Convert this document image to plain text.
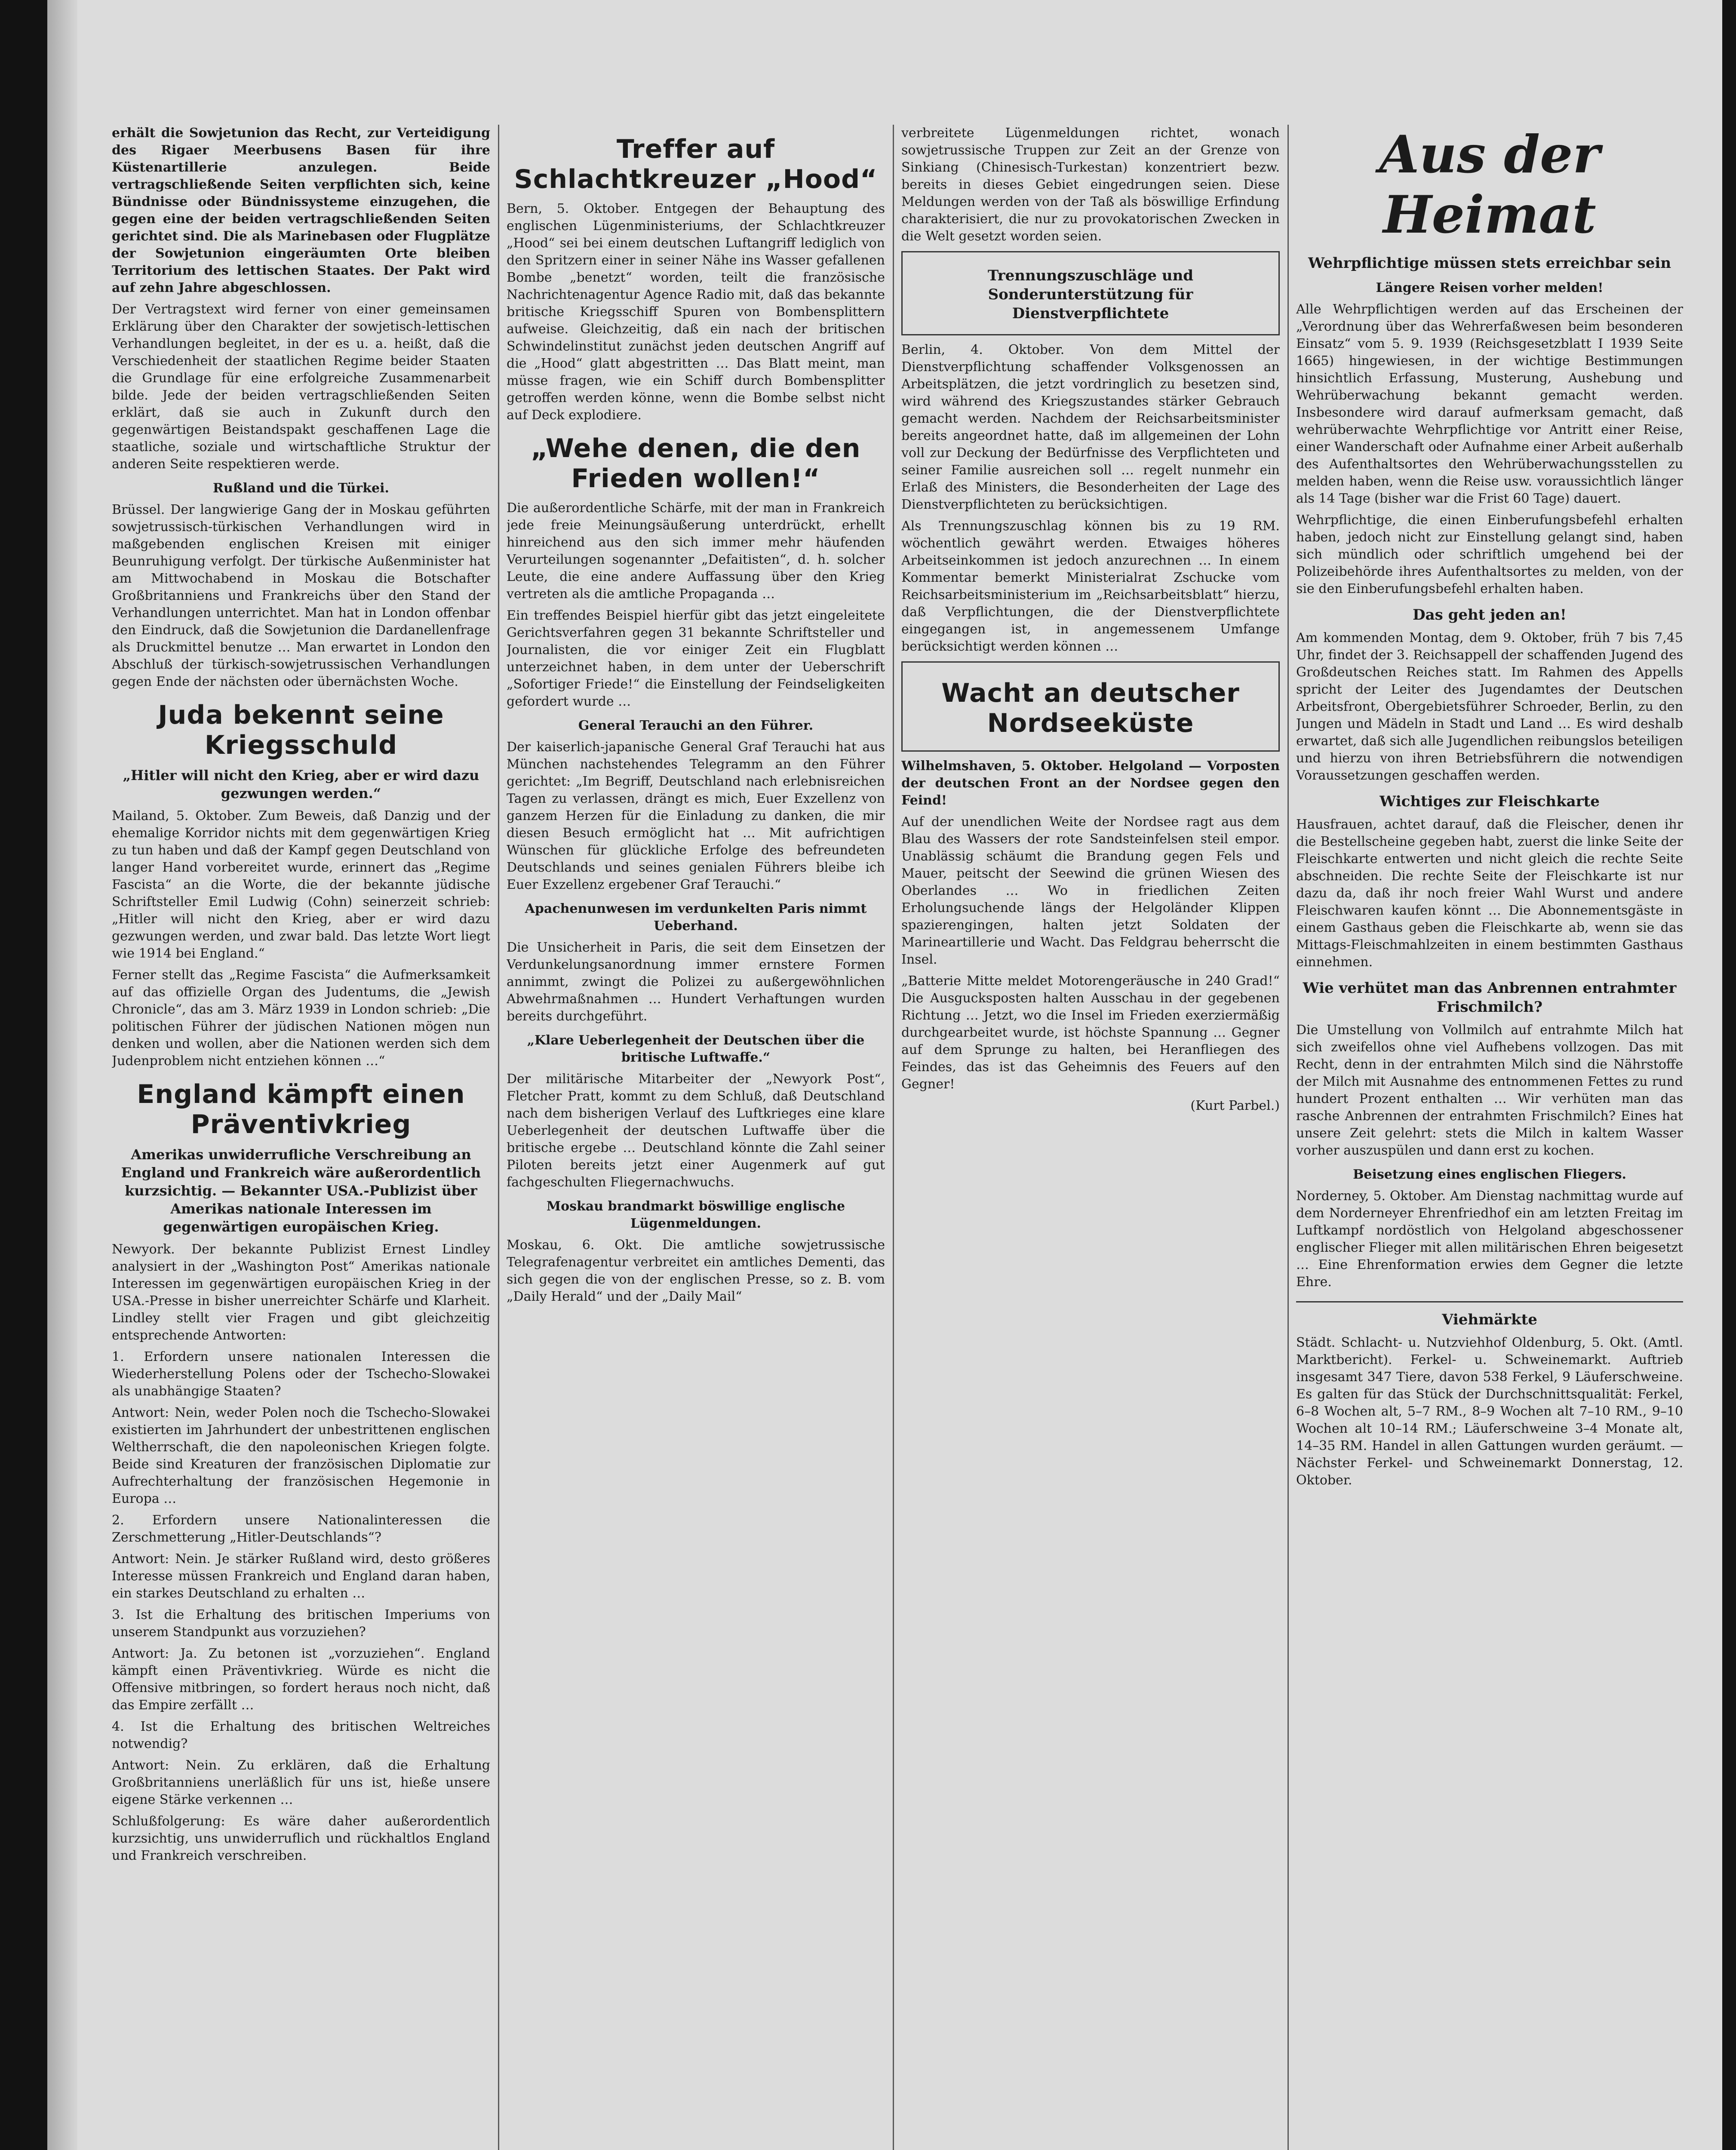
erhält die Sowjetunion das Recht, zur Verteidigung des Rigaer Meerbusens Basen für ihre Küstenartillerie anzulegen. Beide vertragschließende Seiten verpflichten sich, keine Bündnisse oder Bündnissysteme einzugehen, die gegen eine der beiden vertragschließenden Seiten gerichtet sind. Die als Marinebasen oder Flugplätze der Sowjetunion eingeräumten Orte bleiben Territorium des lettischen Staates. Der Pakt wird auf zehn Jahre abgeschlossen.

Der Vertragstext wird ferner von einer gemeinsamen Erklärung über den Charakter der sowjetisch-lettischen Verhandlungen begleitet, in der es u. a. heißt, daß die Verschiedenheit der staatlichen Regime beider Staaten die Grundlage für eine erfolgreiche Zusammenarbeit bilde. Jede der beiden vertragschließenden Seiten erklärt, daß sie auch in Zukunft durch den gegenwärtigen Beistandspakt geschaffenen Lage die staatliche, soziale und wirtschaftliche Struktur der anderen Seite respektieren werde.

Rußland und die Türkei.

Brüssel. Der langwierige Gang der in Moskau geführten sowjetrussisch-türkischen Verhandlungen wird in maßgebenden englischen Kreisen mit einiger Beunruhigung verfolgt. Der türkische Außenminister hat am Mittwochabend in Moskau die Botschafter Großbritanniens und Frankreichs über den Stand der Verhandlungen unterrichtet. Man hat in London offenbar den Eindruck, daß die Sowjetunion die Dardanellenfrage als Druckmittel benutze … Man erwartet in London den Abschluß der türkisch-sowjetrussischen Verhandlungen gegen Ende der nächsten oder übernächsten Woche.

Juda bekennt seine Kriegsschuld

„Hitler will nicht den Krieg, aber er wird dazu gezwungen werden.“

Mailand, 5. Oktober. Zum Beweis, daß Danzig und der ehemalige Korridor nichts mit dem gegenwärtigen Krieg zu tun haben und daß der Kampf gegen Deutschland von langer Hand vorbereitet wurde, erinnert das „Regime Fascista“ an die Worte, die der bekannte jüdische Schriftsteller Emil Ludwig (Cohn) seinerzeit schrieb: „Hitler will nicht den Krieg, aber er wird dazu gezwungen werden, und zwar bald. Das letzte Wort liegt wie 1914 bei England.“

Ferner stellt das „Regime Fascista“ die Aufmerksamkeit auf das offizielle Organ des Judentums, die „Jewish Chronicle“, das am 3. März 1939 in London schrieb: „Die politischen Führer der jüdischen Nationen mögen nun denken und wollen, aber die Nationen werden sich dem Judenproblem nicht entziehen können …“

England kämpft einen Präventivkrieg

Amerikas unwiderrufliche Verschreibung an England und Frankreich wäre außerordentlich kurzsichtig. — Bekannter USA.-Publizist über Amerikas nationale Interessen im gegenwärtigen europäischen Krieg.

Newyork. Der bekannte Publizist Ernest Lindley analysiert in der „Washington Post“ Amerikas nationale Interessen im gegenwärtigen europäischen Krieg in der USA.-Presse in bisher unerreichter Schärfe und Klarheit. Lindley stellt vier Fragen und gibt gleichzeitig entsprechende Antworten:

1. Erfordern unsere nationalen Interessen die Wiederherstellung Polens oder der Tschecho-Slowakei als unabhängige Staaten?

Antwort: Nein, weder Polen noch die Tschecho-Slowakei existierten im Jahrhundert der unbestrittenen englischen Weltherrschaft, die den napoleonischen Kriegen folgte. Beide sind Kreaturen der französischen Diplomatie zur Aufrechterhaltung der französischen Hegemonie in Europa …

2. Erfordern unsere Nationalinteressen die Zerschmetterung „Hitler-Deutschlands“?

Antwort: Nein. Je stärker Rußland wird, desto größeres Interesse müssen Frankreich und England daran haben, ein starkes Deutschland zu erhalten …

3. Ist die Erhaltung des britischen Imperiums von unserem Standpunkt aus vorzuziehen?

Antwort: Ja. Zu betonen ist „vorzuziehen“. England kämpft einen Präventivkrieg. Würde es nicht die Offensive mitbringen, so fordert heraus noch nicht, daß das Empire zerfällt …

4. Ist die Erhaltung des britischen Weltreiches notwendig?

Antwort: Nein. Zu erklären, daß die Erhaltung Großbritanniens unerläßlich für uns ist, hieße unsere eigene Stärke verkennen …

Schlußfolgerung: Es wäre daher außerordentlich kurzsichtig, uns unwiderruflich und rückhaltlos England und Frankreich verschreiben.

Treffer auf Schlachtkreuzer „Hood“

Bern, 5. Oktober. Entgegen der Behauptung des englischen Lügenministeriums, der Schlachtkreuzer „Hood“ sei bei einem deutschen Luftangriff lediglich von den Spritzern einer in seiner Nähe ins Wasser gefallenen Bombe „benetzt“ worden, teilt die französische Nachrichtenagentur Agence Radio mit, daß das bekannte britische Kriegsschiff Spuren von Bombensplittern aufweise. Gleichzeitig, daß ein nach der britischen Schwindelinstitut zunächst jeden deutschen Angriff auf die „Hood“ glatt abgestritten … Das Blatt meint, man müsse fragen, wie ein Schiff durch Bombensplitter getroffen werden könne, wenn die Bombe selbst nicht auf Deck explodiere.

„Wehe denen, die den Frieden wollen!“

Die außerordentliche Schärfe, mit der man in Frankreich jede freie Meinungsäußerung unterdrückt, erhellt hinreichend aus den sich immer mehr häufenden Verurteilungen sogenannter „Defaitisten“, d. h. solcher Leute, die eine andere Auffassung über den Krieg vertreten als die amtliche Propaganda …

Ein treffendes Beispiel hierfür gibt das jetzt eingeleitete Gerichtsverfahren gegen 31 bekannte Schriftsteller und Journalisten, die vor einiger Zeit ein Flugblatt unterzeichnet haben, in dem unter der Ueberschrift „Sofortiger Friede!“ die Einstellung der Feindseligkeiten gefordert wurde …

General Terauchi an den Führer.

Der kaiserlich-japanische General Graf Terauchi hat aus München nachstehendes Telegramm an den Führer gerichtet: „Im Begriff, Deutschland nach erlebnisreichen Tagen zu verlassen, drängt es mich, Euer Exzellenz von ganzem Herzen für die Einladung zu danken, die mir diesen Besuch ermöglicht hat … Mit aufrichtigen Wünschen für glückliche Erfolge des befreundeten Deutschlands und seines genialen Führers bleibe ich Euer Exzellenz ergebener Graf Terauchi.“

Apachenunwesen im verdunkelten Paris nimmt Ueberhand.

Die Unsicherheit in Paris, die seit dem Einsetzen der Verdunkelungsanordnung immer ernstere Formen annimmt, zwingt die Polizei zu außergewöhnlichen Abwehrmaßnahmen … Hundert Verhaftungen wurden bereits durchgeführt.

„Klare Ueberlegenheit der Deutschen über die britische Luftwaffe.“

Der militärische Mitarbeiter der „Newyork Post“, Fletcher Pratt, kommt zu dem Schluß, daß Deutschland nach dem bisherigen Verlauf des Luftkrieges eine klare Ueberlegenheit der deutschen Luftwaffe über die britische ergebe … Deutschland könnte die Zahl seiner Piloten bereits jetzt einer Augenmerk auf gut fachgeschulten Fliegernachwuchs.

Moskau brandmarkt böswillige englische Lügenmeldungen.

Moskau, 6. Okt. Die amtliche sowjetrussische Telegrafenagentur verbreitet ein amtliches Dementi, das sich gegen die von der englischen Presse, so z. B. vom „Daily Herald“ und der „Daily Mail“

verbreitete Lügenmeldungen richtet, wonach sowjetrussische Truppen zur Zeit an der Grenze von Sinkiang (Chinesisch-Turkestan) konzentriert bezw. bereits in dieses Gebiet eingedrungen seien. Diese Meldungen werden von der Taß als böswillige Erfindung charakterisiert, die nur zu provokatorischen Zwecken in die Welt gesetzt worden seien.

Trennungszuschläge und Sonderunterstützung für Dienstverpflichtete

Berlin, 4. Oktober. Von dem Mittel der Dienstverpflichtung schaffender Volksgenossen an Arbeitsplätzen, die jetzt vordringlich zu besetzen sind, wird während des Kriegszustandes stärker Gebrauch gemacht werden. Nachdem der Reichsarbeitsminister bereits angeordnet hatte, daß im allgemeinen der Lohn voll zur Deckung der Bedürfnisse des Verpflichteten und seiner Familie ausreichen soll … regelt nunmehr ein Erlaß des Ministers, die Besonderheiten der Lage des Dienstverpflichteten zu berücksichtigen.

Als Trennungszuschlag können bis zu 19 RM. wöchentlich gewährt werden. Etwaiges höheres Arbeitseinkommen ist jedoch anzurechnen … In einem Kommentar bemerkt Ministerialrat Zschucke vom Reichsarbeitsministerium im „Reichsarbeitsblatt“ hierzu, daß Verpflichtungen, die der Dienstverpflichtete eingegangen ist, in angemessenem Umfange berücksichtigt werden können …

Wacht an deutscher Nordseeküste

Wilhelmshaven, 5. Oktober. Helgoland — Vorposten der deutschen Front an der Nordsee gegen den Feind!

Auf der unendlichen Weite der Nordsee ragt aus dem Blau des Wassers der rote Sandsteinfelsen steil empor. Unablässig schäumt die Brandung gegen Fels und Mauer, peitscht der Seewind die grünen Wiesen des Oberlandes … Wo in friedlichen Zeiten Erholungsuchende längs der Helgoländer Klippen spazierengingen, halten jetzt Soldaten der Marineartillerie und Wacht. Das Feldgrau beherrscht die Insel.

„Batterie Mitte meldet Motorengeräusche in 240 Grad!“ Die Ausgucksposten halten Ausschau in der gegebenen Richtung … Jetzt, wo die Insel im Frieden exerziermäßig durchgearbeitet wurde, ist höchste Spannung … Gegner auf dem Sprunge zu halten, bei Heranfliegen des Feindes, das ist das Geheimnis des Feuers auf den Gegner!

(Kurt Parbel.)
Aus der Heimat
Wehrpflichtige müssen stets erreichbar sein
Längere Reisen vorher melden!

Alle Wehrpflichtigen werden auf das Erscheinen der „Verordnung über das Wehrerfaßwesen beim besonderen Einsatz“ vom 5. 9. 1939 (Reichsgesetzblatt I 1939 Seite 1665) hingewiesen, in der wichtige Bestimmungen hinsichtlich Erfassung, Musterung, Aushebung und Wehrüberwachung bekannt gemacht werden. Insbesondere wird darauf aufmerksam gemacht, daß wehrüberwachte Wehrpflichtige vor Antritt einer Reise, einer Wanderschaft oder Aufnahme einer Arbeit außerhalb des Aufenthaltsortes den Wehrüberwachungsstellen zu melden haben, wenn die Reise usw. voraussichtlich länger als 14 Tage (bisher war die Frist 60 Tage) dauert.

Wehrpflichtige, die einen Einberufungsbefehl erhalten haben, jedoch nicht zur Einstellung gelangt sind, haben sich mündlich oder schriftlich umgehend bei der Polizeibehörde ihres Aufenthaltsortes zu melden, von der sie den Einberufungsbefehl erhalten haben.

Das geht jeden an!

Am kommenden Montag, dem 9. Oktober, früh 7 bis 7,45 Uhr, findet der 3. Reichsappell der schaffenden Jugend des Großdeutschen Reiches statt. Im Rahmen des Appells spricht der Leiter des Jugendamtes der Deutschen Arbeitsfront, Obergebietsführer Schroeder, Berlin, zu den Jungen und Mädeln in Stadt und Land … Es wird deshalb erwartet, daß sich alle Jugendlichen reibungslos beteiligen und hierzu von ihren Betriebsführern die notwendigen Voraussetzungen geschaffen werden.

Wichtiges zur Fleischkarte

Hausfrauen, achtet darauf, daß die Fleischer, denen ihr die Bestellscheine gegeben habt, zuerst die linke Seite der Fleischkarte entwerten und nicht gleich die rechte Seite abschneiden. Die rechte Seite der Fleischkarte ist nur dazu da, daß ihr noch freier Wahl Wurst und andere Fleischwaren kaufen könnt … Die Abonnementsgäste in einem Gasthaus geben die Fleischkarte ab, wenn sie das Mittags-Fleischmahlzeiten in einem bestimmten Gasthaus einnehmen.

Wie verhütet man das Anbrennen entrahmter Frischmilch?

Die Umstellung von Vollmilch auf entrahmte Milch hat sich zweifellos ohne viel Aufhebens vollzogen. Das mit Recht, denn in der entrahmten Milch sind die Nährstoffe der Milch mit Ausnahme des entnommenen Fettes zu rund hundert Prozent enthalten … Wir verhüten man das rasche Anbrennen der entrahmten Frischmilch? Eines hat unsere Zeit gelehrt: stets die Milch in kaltem Wasser vorher auszuspülen und dann erst zu kochen.

Beisetzung eines englischen Fliegers.

Norderney, 5. Oktober. Am Dienstag nachmittag wurde auf dem Norderneyer Ehrenfriedhof ein am letzten Freitag im Luftkampf nordöstlich von Helgoland abgeschossener englischer Flieger mit allen militärischen Ehren beigesetzt … Eine Ehrenformation erwies dem Gegner die letzte Ehre.

Viehmärkte

Städt. Schlacht- u. Nutzviehhof Oldenburg, 5. Okt. (Amtl. Marktbericht). Ferkel- u. Schweinemarkt. Auftrieb insgesamt 347 Tiere, davon 538 Ferkel, 9 Läuferschweine. Es galten für das Stück der Durchschnittsqualität: Ferkel, 6–8 Wochen alt, 5–7 RM., 8–9 Wochen alt 7–10 RM., 9–10 Wochen alt 10–14 RM.; Läuferschweine 3–4 Monate alt, 14–35 RM. Handel in allen Gattungen wurden geräumt. — Nächster Ferkel- und Schweinemarkt Donnerstag, 12. Oktober.
